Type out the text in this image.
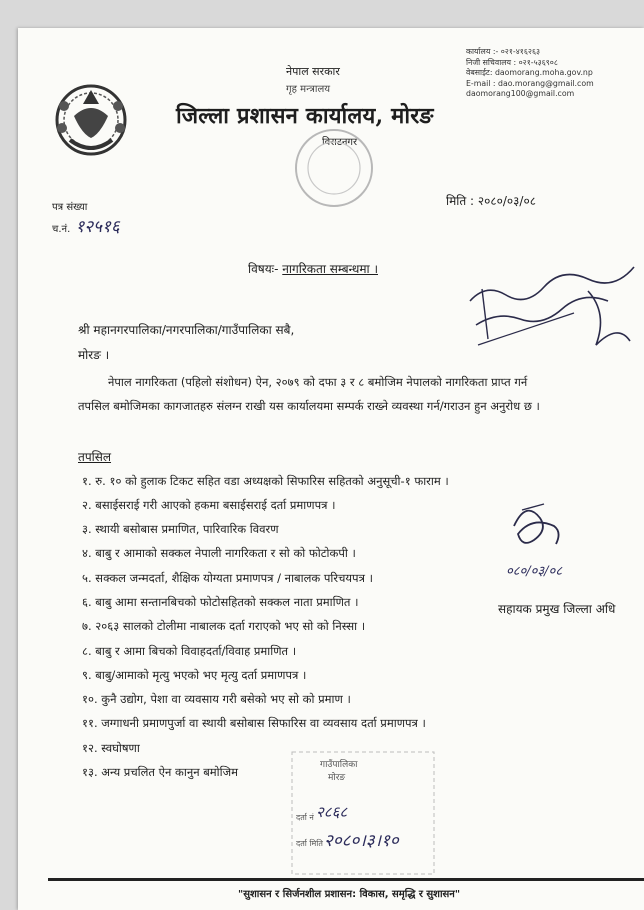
नेपाल सरकार
गृह मन्त्रालय
जिल्ला प्रशासन कार्यालय, मोरङ
विराटनगर
कार्यालय :- ०२१-४१६२६३
निजी सचिवालय : ०२१-५३६९०८
वेबसाईट: daomorang.moha.gov.np
E-mail : dao.morang@gmail.com
daomorang100@gmail.com
पत्र संख्या
च.नं. १२५१६
मिति : २०८०/०३/०८
विषयः- नागरिकता सम्बन्धमा ।
श्री महानगरपालिका/नगरपालिका/गाउँपालिका सबै,
मोरङ ।
नेपाल नागरिकता (पहिलो संशोधन) ऐन, २०७९ को दफा ३ र ८ बमोजिम नेपालको नागरिकता प्राप्त गर्न तपसिल बमोजिमका कागजातहरु संलग्न राखी यस कार्यालयमा सम्पर्क राख्ने व्यवस्था गर्न/गराउन हुन अनुरोध छ ।
तपसिल
१. रु. १० को हुलाक टिकट सहित वडा अध्यक्षको सिफारिस सहितको अनुसूची-१ फाराम ।
२. बसाईसराई गरी आएको हकमा बसाईसराई दर्ता प्रमाणपत्र ।
३. स्थायी बसोबास प्रमाणित, पारिवारिक विवरण
४. बाबु र आमाको सक्कल नेपाली नागरिकता र सो को फोटोकपी ।
५. सक्कल जन्मदर्ता, शैक्षिक योग्यता प्रमाणपत्र / नाबालक परिचयपत्र ।
६. बाबु आमा सन्तानबिचको फोटोसहितको सक्कल नाता प्रमाणित ।
७. २०६३ सालको टोलीमा नाबालक दर्ता गराएको भए सो को निस्सा ।
८. बाबु र आमा बिचको विवाहदर्ता/विवाह प्रमाणित ।
९. बाबु/आमाको मृत्यु भएको भए मृत्यु दर्ता प्रमाणपत्र ।
१०. कुनै उद्योग, पेशा वा व्यवसाय गरी बसेको भए सो को प्रमाण ।
११. जग्गाधनी प्रमाणपुर्जा वा स्थायी बसोबास सिफारिस वा व्यवसाय दर्ता प्रमाणपत्र ।
१२. स्वघोषणा
१३. अन्य प्रचलित ऐन कानुन बमोजिम
०८०/०३/०८
सहायक प्रमुख जिल्ला अधि
गाउँपालिका
मोरङ
दर्ता नं २८६८
दर्ता मिति २०८०।३।१०
"सुशासन र सिर्जनशील प्रशासन: विकास, समृद्धि र सुशासन"
